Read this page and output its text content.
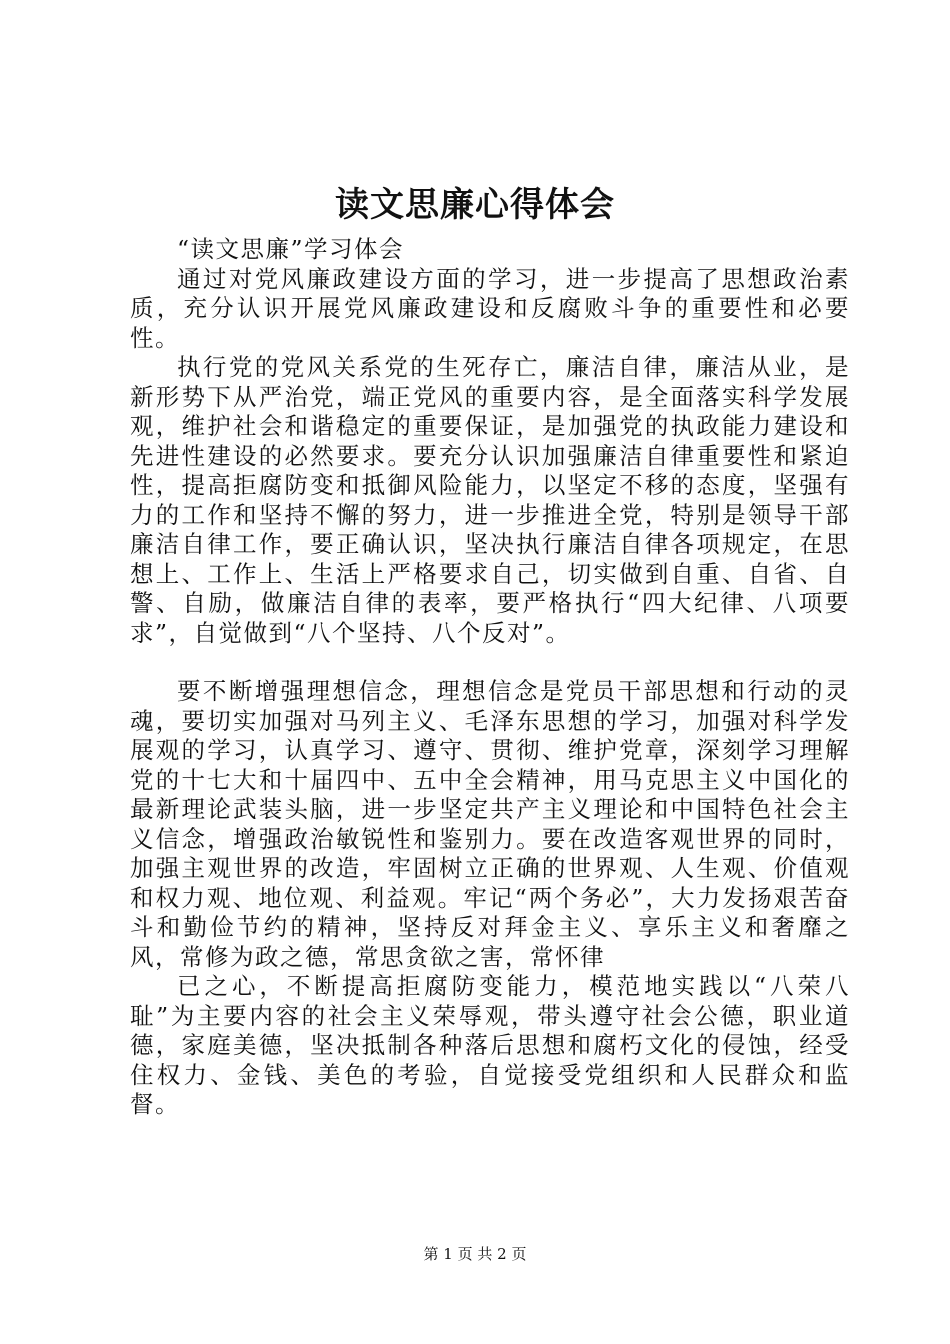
读文思廉心得体会

“读文思廉”学习体会

通过对党风廉政建设方面的学习，进一步提高了思想政治素质，充分认识开展党风廉政建设和反腐败斗争的重要性和必要性。

执行党的党风关系党的生死存亡，廉洁自律，廉洁从业，是新形势下从严治党，端正党风的重要内容，是全面落实科学发展观，维护社会和谐稳定的重要保证，是加强党的执政能力建设和先进性建设的必然要求。要充分认识加强廉洁自律重要性和紧迫性，提高拒腐防变和抵御风险能力，以坚定不移的态度，坚强有力的工作和坚持不懈的努力，进一步推进全党，特别是领导干部廉洁自律工作，要正确认识，坚决执行廉洁自律各项规定，在思想上、工作上、生活上严格要求自己，切实做到自重、自省、自警、自励，做廉洁自律的表率，要严格执行“四大纪律、八项要求”，自觉做到“八个坚持、八个反对”。

要不断增强理想信念，理想信念是党员干部思想和行动的灵魂，要切实加强对马列主义、毛泽东思想的学习，加强对科学发展观的学习，认真学习、遵守、贯彻、维护党章，深刻学习理解党的十七大和十届四中、五中全会精神，用马克思主义中国化的最新理论武装头脑，进一步坚定共产主义理论和中国特色社会主义信念，增强政治敏锐性和鉴别力。要在改造客观世界的同时，加强主观世界的改造，牢固树立正确的世界观、人生观、价值观和权力观、地位观、利益观。牢记“两个务必”，大力发扬艰苦奋斗和勤俭节约的精神，坚持反对拜金主义、享乐主义和奢靡之风，常修为政之德，常思贪欲之害，常怀律

已之心，不断提高拒腐防变能力，模范地实践以“八荣八耻”为主要内容的社会主义荣辱观，带头遵守社会公德，职业道德，家庭美德，坚决抵制各种落后思想和腐朽文化的侵蚀，经受住权力、金钱、美色的考验，自觉接受党组织和人民群众和监督。

第 1 页 共 2 页
